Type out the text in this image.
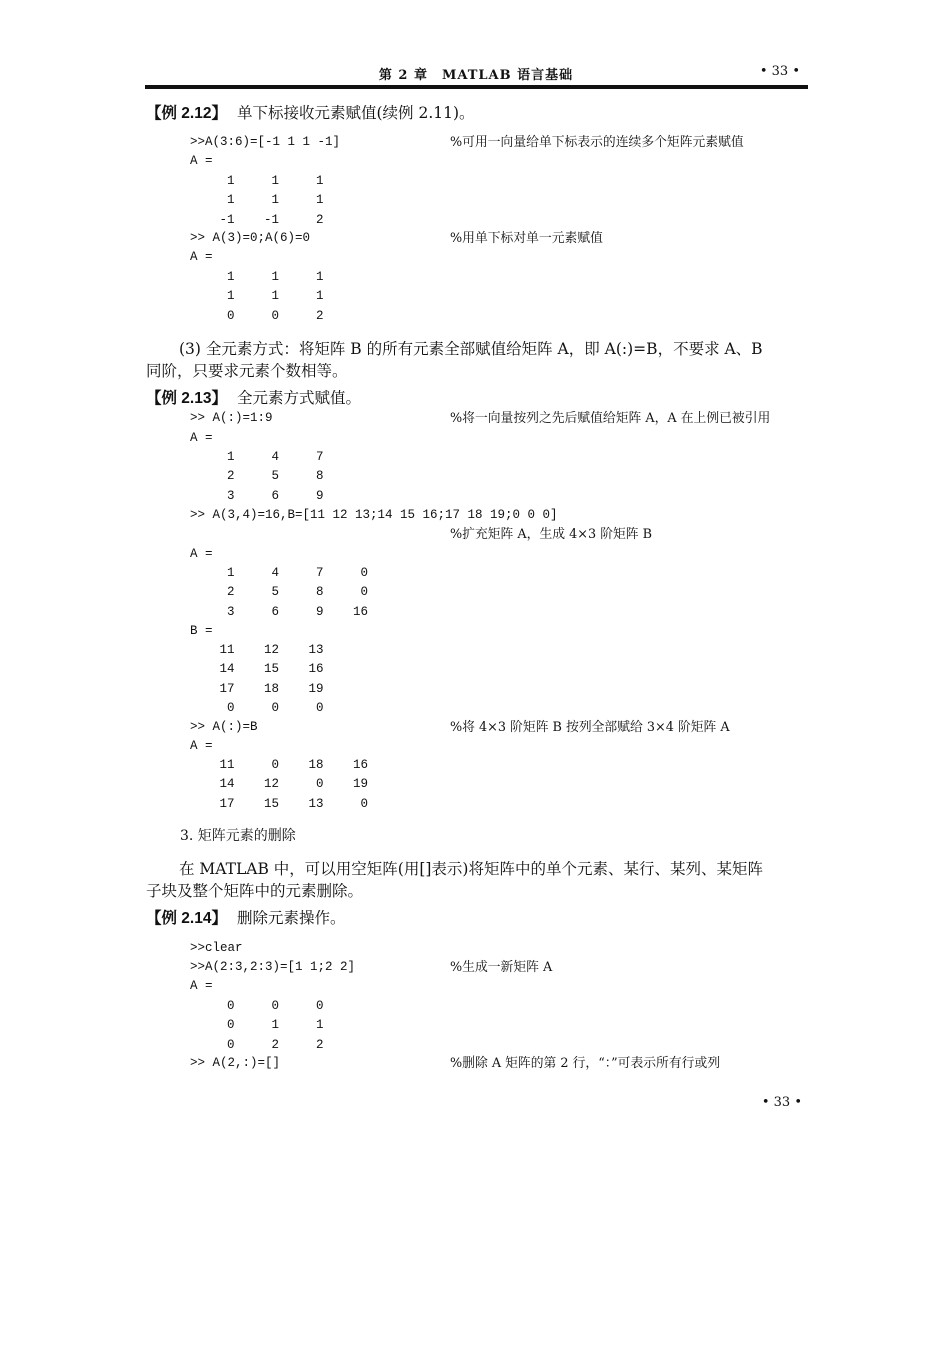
第 2 章　MATLAB 语言基础	• 33 •
【例 2.12】 单下标接收元素赋值(续例 2.11)。
>>A(3:6)=[-1 1 1 -1]	%可用一向量给单下标表示的连续多个矩阵元素赋值
A =
1	1	1
1	1	1
-1	-1	2
>> A(3)=0;A(6)=0	%用单下标对单一元素赋值
A =
1	1	1
1	1	1
0	0	2

(3) 全元素方式：将矩阵 B 的所有元素全部赋值给矩阵 A，即 A(:)=B，不要求 A、B

同阶，只要求元素个数相等。

【例 2.13】 全元素方式赋值。
>> A(:)=1:9	%将一向量按列之先后赋值给矩阵 A，A 在上例已被引用
A =
1	4	7
2	5	8
3	6	9
>> A(3,4)=16,B=[11 12 13;14 15 16;17 18 19;0 0 0]
%扩充矩阵 A，生成 4×3 阶矩阵 B
A =
1	4	7	0
2	5	8	0
3	6	9	16
B =
11	12	13
14	15	16
17	18	19
0	0	0
>> A(:)=B	%将 4×3 阶矩阵 B 按列全部赋给 3×4 阶矩阵 A
A =
11	0	18	16
14	12	0	19
17	15	13	0
3. 矩阵元素的删除

在 MATLAB 中，可以用空矩阵(用[]表示)将矩阵中的单个元素、某行、某列、某矩阵

子块及整个矩阵中的元素删除。

【例 2.14】 删除元素操作。
>>clear
>>A(2:3,2:3)=[1 1;2 2]	%生成一新矩阵 A
A =
0	0	0
0	1	1
0	2	2
>> A(2,:)=[]	%删除 A 矩阵的第 2 行，“：”可表示所有行或列
• 33 •
